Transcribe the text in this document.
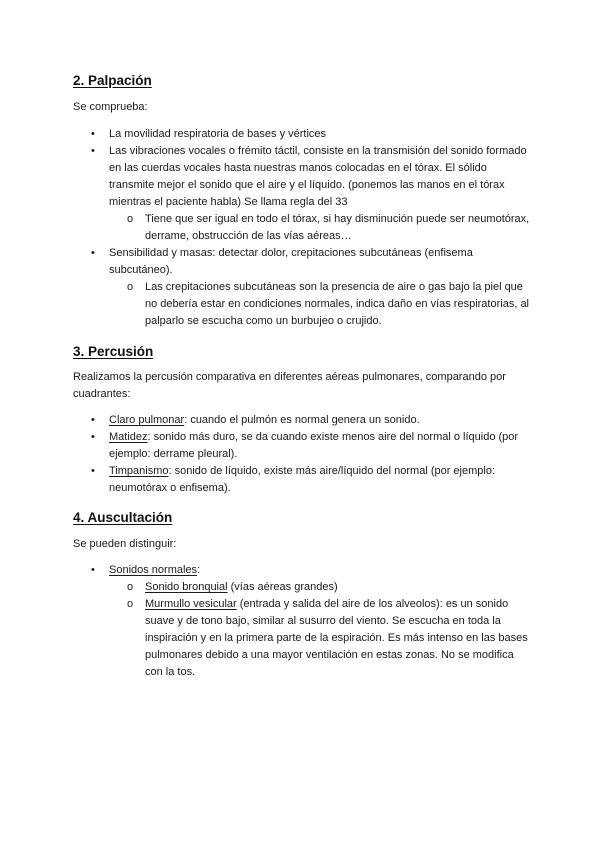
2. Palpación

Se comprueba:

• La movilidad respiratoria de bases y vértices
• Las vibraciones vocales o frémito táctil, consiste en la transmisión del sonido formado en las cuerdas vocales hasta nuestras manos colocadas en el tórax. El sólido transmite mejor el sonido que el aire y el líquido. (ponemos las manos en el tórax mientras el paciente habla) Se llama regla del 33
o Tiene que ser igual en todo el tórax, si hay disminución puede ser neumotórax, derrame, obstrucción de las vías aéreas…
• Sensibilidad y masas: detectar dolor, crepitaciones subcutáneas (enfisema subcutáneo).
o Las crepitaciones subcutáneas son la presencia de aire o gas bajo la piel que no debería estar en condiciones normales, indica daño en vías respiratorias, al palparlo se escucha como un burbujeo o crujido.
3. Percusión

Realizamos la percusión comparativa en diferentes aéreas pulmonares, comparando por cuadrantes:

• Claro pulmonar: cuando el pulmón es normal genera un sonido.
• Matidez: sonido más duro, se da cuando existe menos aire del normal o líquido (por ejemplo: derrame pleural).
• Timpanismo: sonido de líquido, existe más aire/líquido del normal (por ejemplo: neumotórax o enfisema).
4. Auscultación

Se pueden distinguir:

• Sonidos normales:
o Sonido bronquial (vías aéreas grandes)
o Murmullo vesicular (entrada y salida del aire de los alveolos): es un sonido suave y de tono bajo, similar al susurro del viento. Se escucha en toda la inspiración y en la primera parte de la espiración. Es más intenso en las bases pulmonares debido a una mayor ventilación en estas zonas. No se modifica con la tos.
